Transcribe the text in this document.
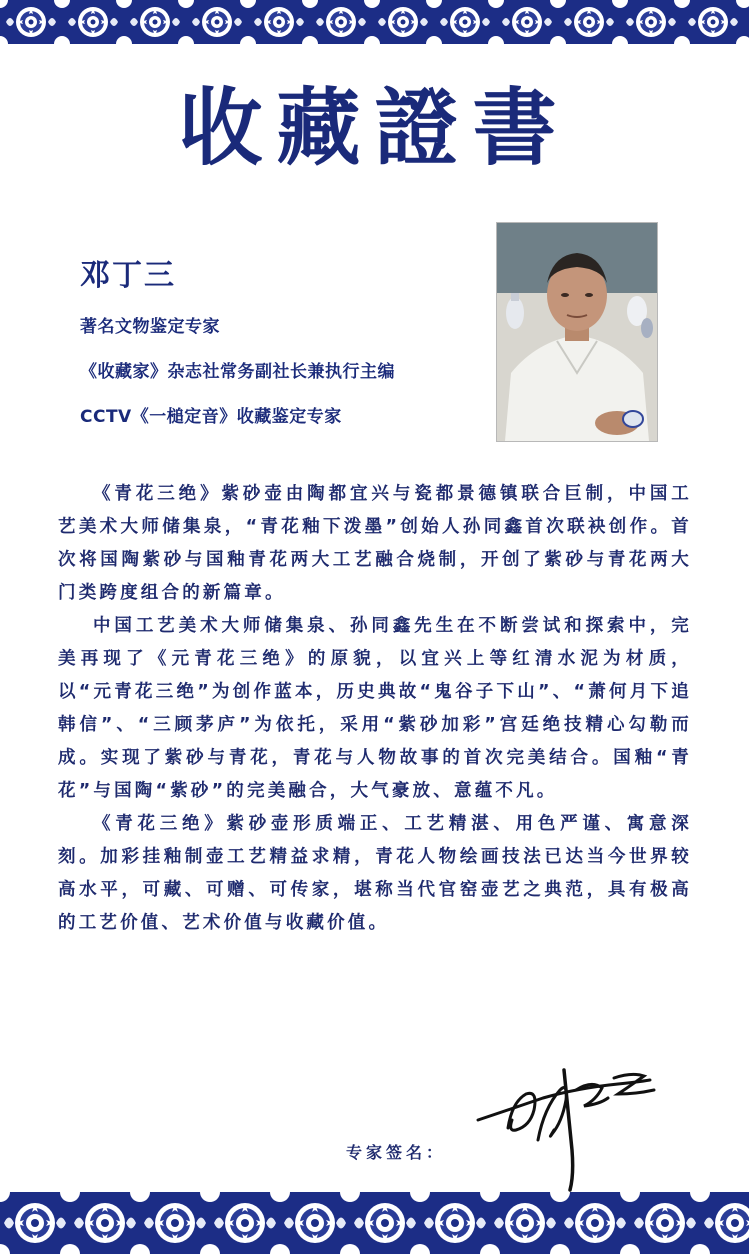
收藏證書
邓丁三
著名文物鉴定专家
《收藏家》杂志社常务副社长兼执行主编
CCTV《一槌定音》收藏鉴定专家

《青花三绝》紫砂壶由陶都宜兴与瓷都景德镇联合巨制，中国工艺美术大师储集泉，“青花釉下泼墨”创始人孙同鑫首次联袂创作。首次将国陶紫砂与国釉青花两大工艺融合烧制，开创了紫砂与青花两大门类跨度组合的新篇章。

中国工艺美术大师储集泉、孙同鑫先生在不断尝试和探索中，完美再现了《元青花三绝》的原貌，以宜兴上等红清水泥为材质，以“元青花三绝”为创作蓝本，历史典故“鬼谷子下山”、“萧何月下追韩信”、“三顾茅庐”为依托，采用“紫砂加彩”宫廷绝技精心勾勒而成。实现了紫砂与青花，青花与人物故事的首次完美结合。国釉“青花”与国陶“紫砂”的完美融合，大气豪放、意蕴不凡。

《青花三绝》紫砂壶形质端正、工艺精湛、用色严谨、寓意深刻。加彩挂釉制壶工艺精益求精，青花人物绘画技法已达当今世界较高水平，可藏、可赠、可传家，堪称当代官窑壶艺之典范，具有极高的工艺价值、艺术价值与收藏价值。

专家签名：
